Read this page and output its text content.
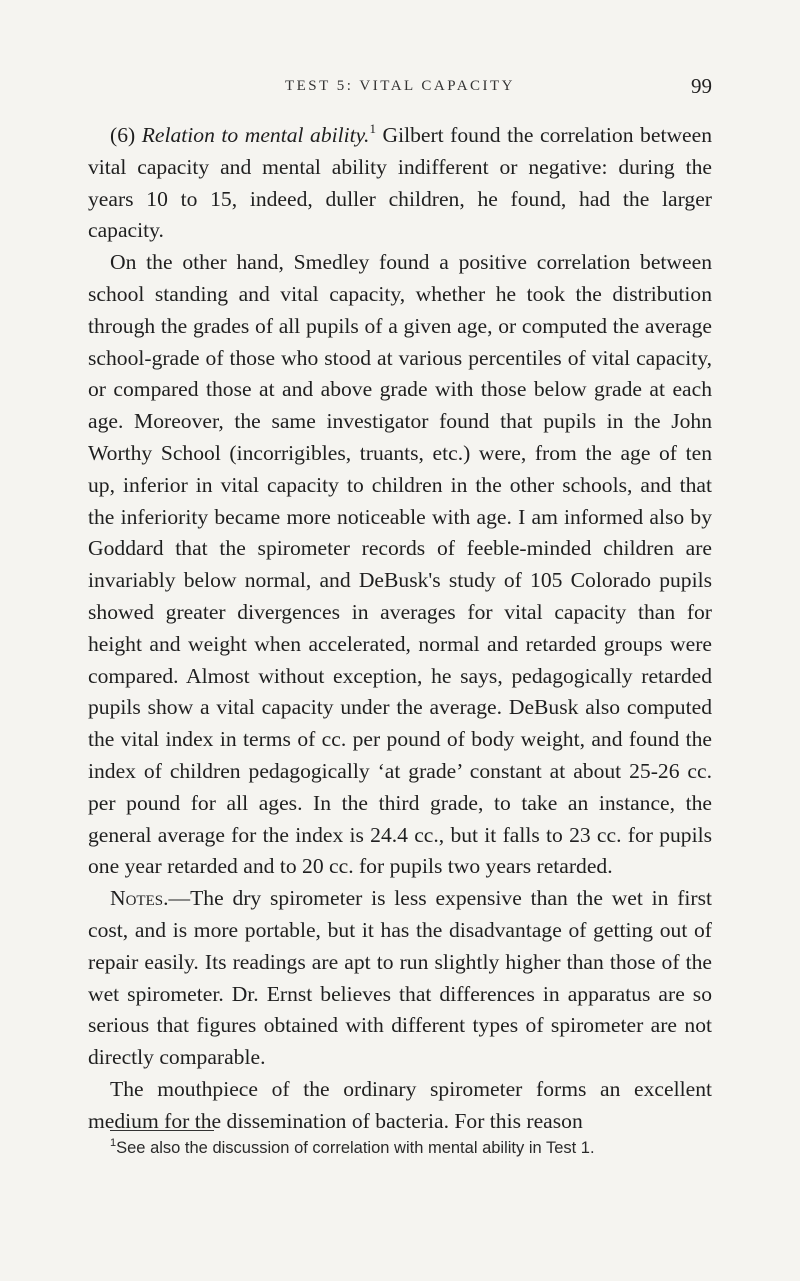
TEST 5: VITAL CAPACITY	99

(6) Relation to mental ability.$^1$ Gilbert found the correlation between vital capacity and mental ability indifferent or negative: during the years 10 to 15, indeed, duller children, he found, had the larger capacity.

On the other hand, Smedley found a positive correlation between school standing and vital capacity, whether he took the distribution through the grades of all pupils of a given age, or computed the average school-grade of those who stood at various percentiles of vital capacity, or compared those at and above grade with those below grade at each age. Moreover, the same investigator found that pupils in the John Worthy School (incorrigibles, truants, etc.) were, from the age of ten up, inferior in vital capacity to children in the other schools, and that the inferiority became more noticeable with age. I am informed also by Goddard that the spirometer records of feeble-minded children are invariably below normal, and DeBusk's study of 105 Colorado pupils showed greater divergences in averages for vital capacity than for height and weight when accelerated, normal and retarded groups were compared. Almost without exception, he says, pedagogically retarded pupils show a vital capacity under the average. DeBusk also computed the vital index in terms of cc. per pound of body weight, and found the index of children pedagogically ‘at grade’ constant at about 25-26 cc. per pound for all ages. In the third grade, to take an instance, the general average for the index is 24.4 cc., but it falls to 23 cc. for pupils one year retarded and to 20 cc. for pupils two years retarded.

Notes.—The dry spirometer is less expensive than the wet in first cost, and is more portable, but it has the disadvantage of getting out of repair easily. Its readings are apt to run slightly higher than those of the wet spirometer. Dr. Ernst believes that differences in apparatus are so serious that figures obtained with different types of spirometer are not directly comparable.

The mouthpiece of the ordinary spirometer forms an excellent medium for the dissemination of bacteria. For this reason

$^1$See also the discussion of correlation with mental ability in Test 1.
